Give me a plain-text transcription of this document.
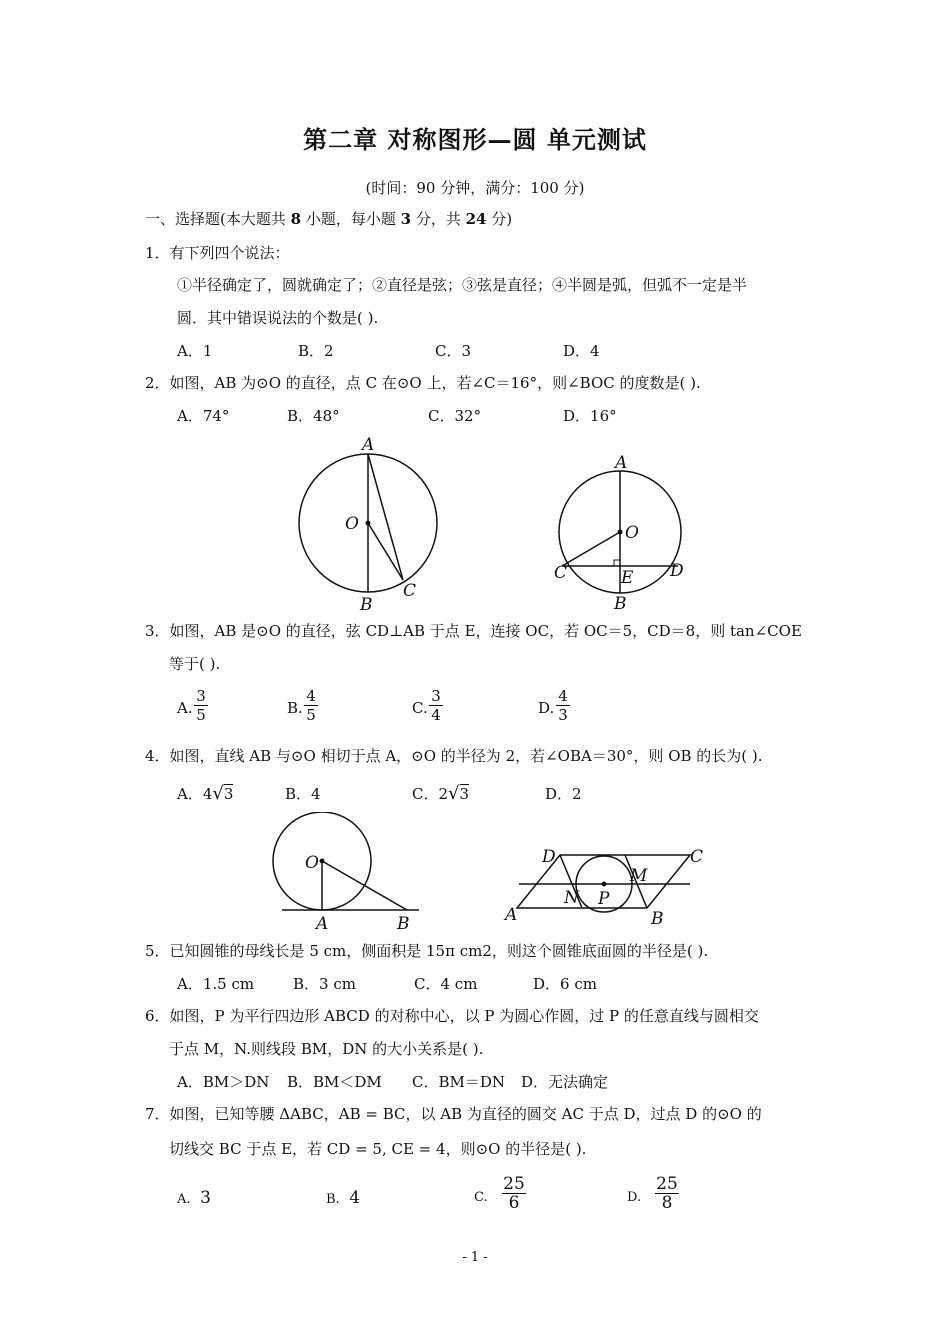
第二章 对称图形—圆 单元测试
(时间：90 分钟，满分：100 分)
一、选择题(本大题共 8 小题，每小题 3 分，共 24 分)
1．有下列四个说法：
①半径确定了，圆就确定了；②直径是弦；③弦是直径；④半圆是弧，但弧不一定是半
圆．其中错误说法的个数是( ).
A．1	B．2	C．3	D．4
2．如图，AB 为⊙O 的直径，点 C 在⊙O 上，若∠C＝16°，则∠BOC 的度数是( ).
A．74°	B．48°	C．32°	D．16°
A
O
B
C
A
O
C	E D
B
3．如图，AB 是⊙O 的直径，弦 CD⊥AB 于点 E，连接 OC，若 OC＝5，CD＝8，则 tan∠COE
等于( ).
A. $\frac{3}{5}$	B. $\frac{4}{5}$	C. $\frac{3}{4}$	D. $\frac{4}{3}$
4．如图，直线 AB 与⊙O 相切于点 A，⊙O 的半径为 2，若∠OBA＝30°，则 OB 的长为( ).
A．4√3	B．4	C．2√3	D．2
O
A	B
D	C
M
N P
A	B
5．已知圆锥的母线长是 5 cm，侧面积是 15π cm2，则这个圆锥底面圆的半径是( ).
A．1.5 cm	B．3 cm	C．4 cm	D．6 cm
6．如图，P 为平行四边形 ABCD 的对称中心，以 P 为圆心作圆，过 P 的任意直线与圆相交
于点 M，N.则线段 BM，DN 的大小关系是( ).
A．BM＞DN B．BM＜DM C．BM＝DN D．无法确定
7．如图，已知等腰 ΔABC，AB = BC，以 AB 为直径的圆交 AC 于点 D，过点 D 的⊙O 的
切线交 BC 于点 E，若 CD = 5, CE = 4，则⊙O 的半径是( ).
A. 3	B. 4	C. $\frac{25}{6}$	D. $\frac{25}{8}$
- 1 -
